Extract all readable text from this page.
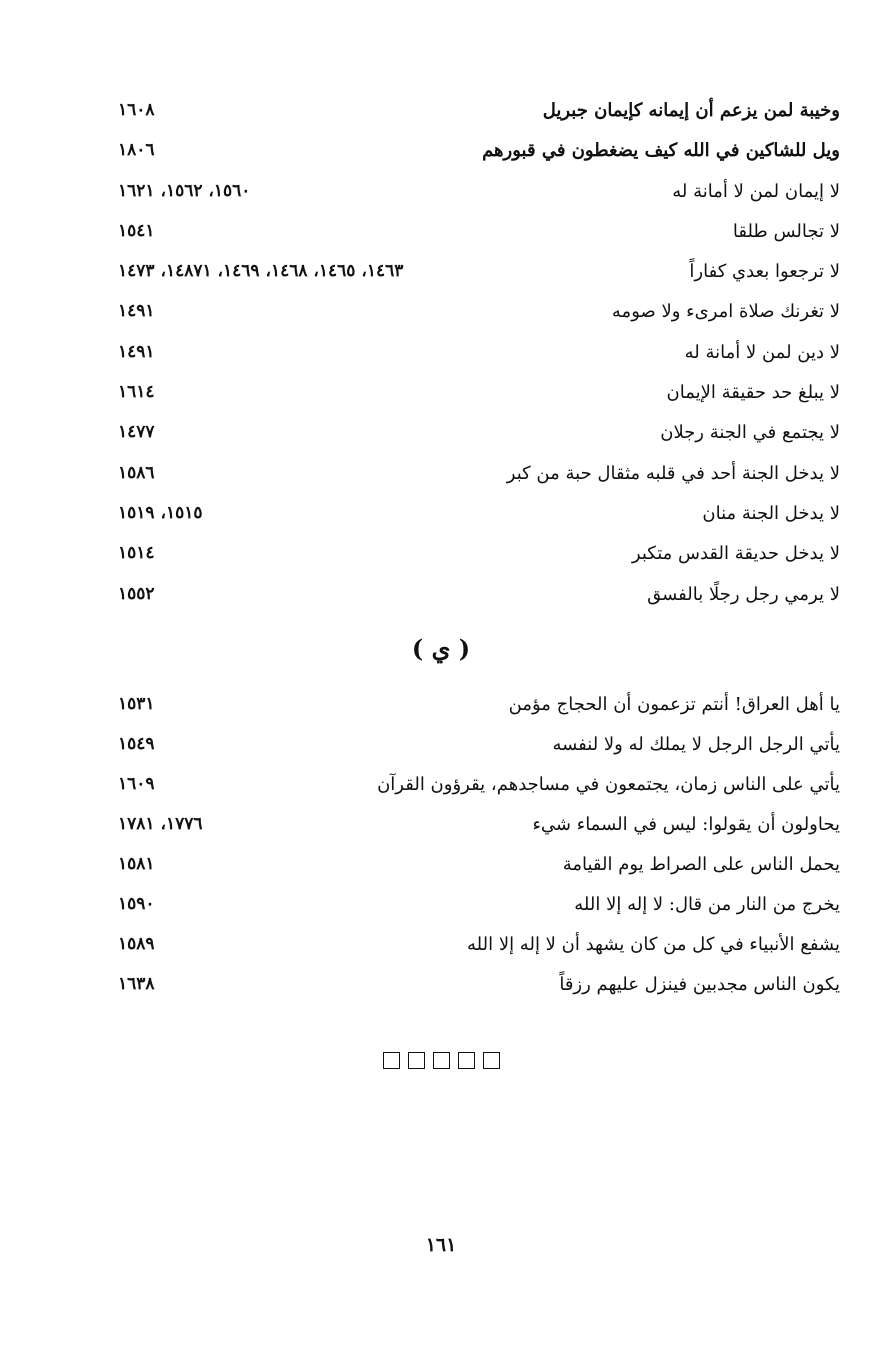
وخيبة لمن يزعم أن إيمانه كإيمان جبريل
١٦٠٨
ويل للشاكين في الله كيف يضغطون في قبورهم
١٨٠٦
لا إيمان لمن لا أمانة له
١٥٦٠، ١٥٦٢، ١٦٢١
لا تجالس طلقا
١٥٤١
لا ترجعوا بعدي كفاراً
١٤٦٣، ١٤٦٥، ١٤٦٨، ١٤٦٩، ١٤٨٧١، ١٤٧٣
لا تغرنك صلاة امرىء ولا صومه
١٤٩١
لا دين لمن لا أمانة له
١٤٩١
لا يبلغ حد حقيقة الإيمان
١٦١٤
لا يجتمع في الجنة رجلان
١٤٧٧
لا يدخل الجنة أحد في قلبه مثقال حبة من كبر
١٥٨٦
لا يدخل الجنة منان
١٥١٥، ١٥١٩
لا يدخل حديقة القدس متكبر
١٥١٤
لا يرمي رجل رجلًا بالفسق
١٥٥٢
( ي )
يا أهل العراق! أنتم تزعمون أن الحجاج مؤمن
١٥٣١
يأتي الرجل الرجل لا يملك له ولا لنفسه
١٥٤٩
يأتي على الناس زمان، يجتمعون في مساجدهم، يقرؤون القرآن
١٦٠٩
يحاولون أن يقولوا: ليس في السماء شيء
١٧٧٦، ١٧٨١
يحمل الناس على الصراط يوم القيامة
١٥٨١
يخرج من النار من قال: لا إله إلا الله
١٥٩٠
يشفع الأنبياء في كل من كان يشهد أن لا إله إلا الله
١٥٨٩
يكون الناس مجدبين فينزل عليهم رزقاً
١٦٣٨
١٦١
